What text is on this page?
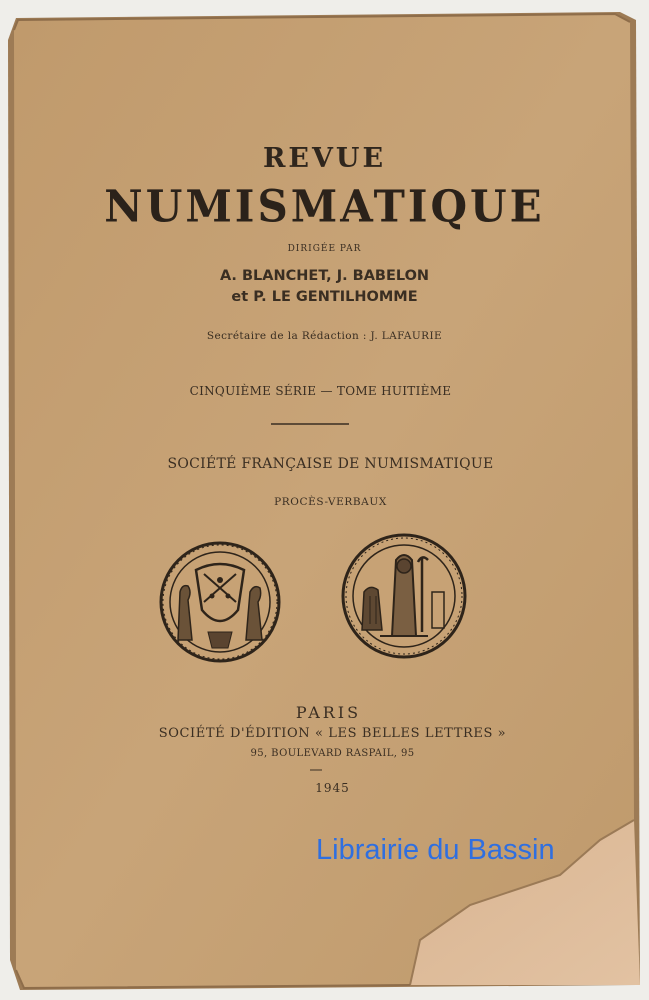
REVUE
NUMISMATIQUE
DIRIGÉE PAR
A. BLANCHET, J. BABELON
et P. LE GENTILHOMME
Secrétaire de la Rédaction : J. LAFAURIE
CINQUIÈME SÉRIE — TOME HUITIÈME
SOCIÉTÉ FRANÇAISE DE NUMISMATIQUE
PROCÈS-VERBAUX
PARIS
SOCIÉTÉ D'ÉDITION « LES BELLES LETTRES »
95, BOULEVARD RASPAIL, 95
1945
Librairie du Bassin
